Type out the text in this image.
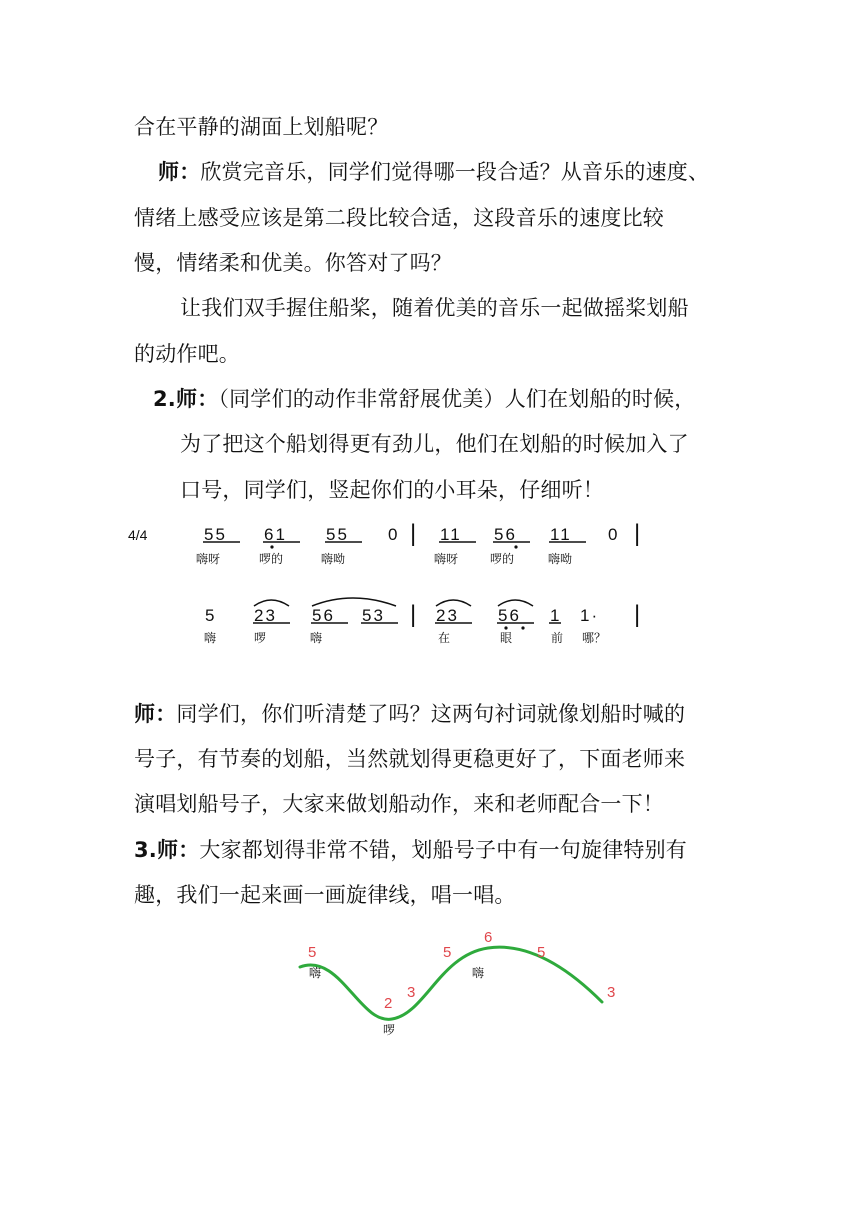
合在平静的湖面上划船呢？
师：欣赏完音乐，同学们觉得哪一段合适？从音乐的速度、
情绪上感受应该是第二段比较合适，这段音乐的速度比较
慢，情绪柔和优美。你答对了吗？
让我们双手握住船桨，随着优美的音乐一起做摇桨划船
的动作吧。
2.师：（同学们的动作非常舒展优美）人们在划船的时候，
为了把这个船划得更有劲儿，他们在划船的时候加入了
口号，同学们，竖起你们的小耳朵，仔细听！
4/4	55 61 55 0 | 11 56 11 0 |
嗨呀	啰的	嗨呦	嗨呀	啰的	嗨呦
5 23 56 53 | 23 56 1 1· |
嗨	啰	嗨	在	眼	前 哪？
师：同学们，你们听清楚了吗？这两句衬词就像划船时喊的
号子，有节奏的划船，当然就划得更稳更好了，下面老师来
演唱划船号子，大家来做划船动作，来和老师配合一下！
3.师：大家都划得非常不错，划船号子中有一句旋律特别有
趣，我们一起来画一画旋律线，唱一唱。
5
2
3
5
6
5
3
嗨
啰
嗨
